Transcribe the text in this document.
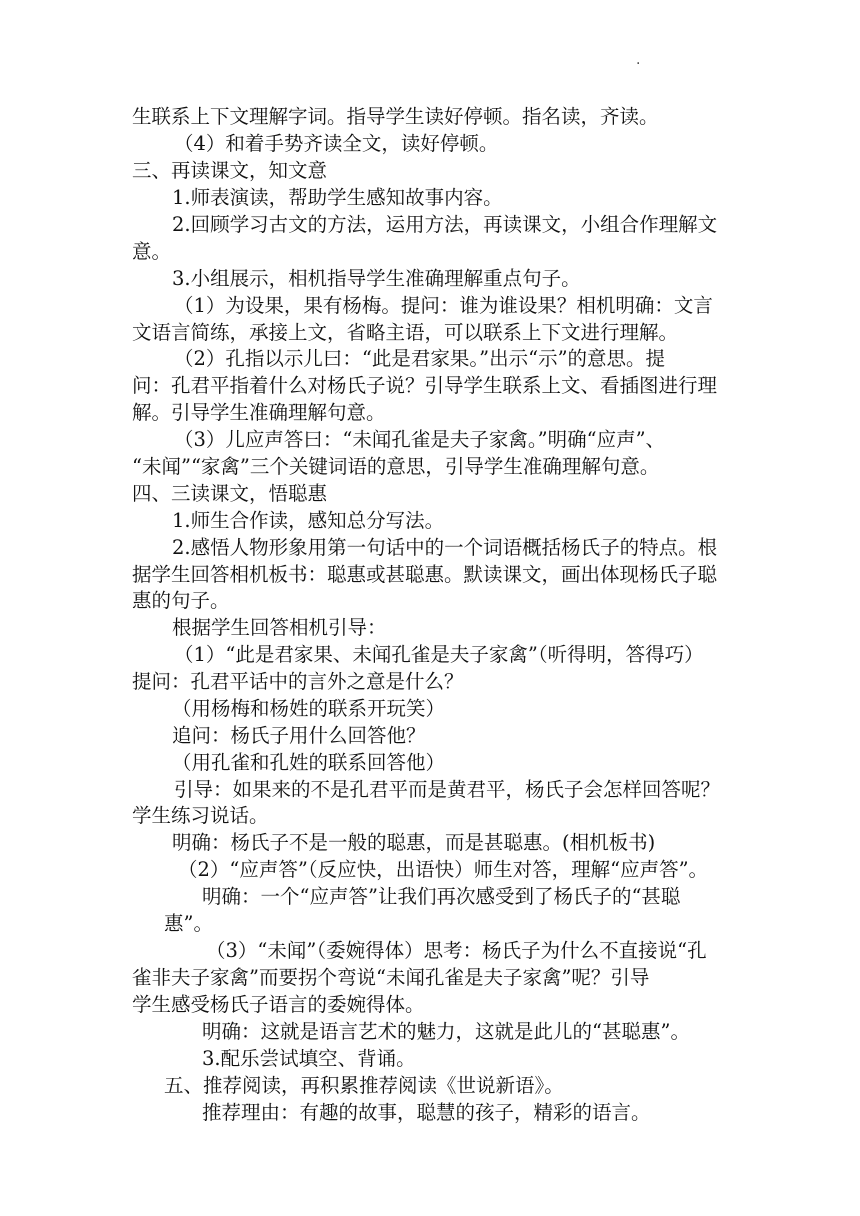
.
生联系上下文理解字词。指导学生读好停顿。指名读，齐读。
（4）和着手势齐读全文，读好停顿。
三、再读课文，知文意
1.师表演读，帮助学生感知故事内容。
2.回顾学习古文的方法，运用方法，再读课文，小组合作理解文
意。
3.小组展示，相机指导学生准确理解重点句子。
（1）为设果，果有杨梅。提问：谁为谁设果？相机明确：文言
文语言简练，承接上文，省略主语，可以联系上下文进行理解。
（2）孔指以示儿曰：“此是君家果。”出示“示”的意思。提
问：孔君平指着什么对杨氏子说？引导学生联系上文、看插图进行理
解。引导学生准确理解句意。
（3）儿应声答曰：“未闻孔雀是夫子家禽。”明确“应声”、
“未闻”“家禽”三个关键词语的意思，引导学生准确理解句意。
四、三读课文，悟聪惠
1.师生合作读，感知总分写法。
2.感悟人物形象用第一句话中的一个词语概括杨氏子的特点。根
据学生回答相机板书：聪惠或甚聪惠。默读课文，画出体现杨氏子聪
惠的句子。
根据学生回答相机引导：
（1）“此是君家果、未闻孔雀是夫子家禽”（听得明，答得巧）
提问：孔君平话中的言外之意是什么？
（用杨梅和杨姓的联系开玩笑）
追问：杨氏子用什么回答他？
（用孔雀和孔姓的联系回答他）
引导：如果来的不是孔君平而是黄君平，杨氏子会怎样回答呢？
学生练习说话。
明确：杨氏子不是一般的聪惠，而是甚聪惠。(相机板书)
（2）“应声答”（反应快，出语快）师生对答，理解“应声答”。
明确：一个“应声答”让我们再次感受到了杨氏子的“甚聪
惠”。
（3）“未闻”（委婉得体）思考：杨氏子为什么不直接说“孔
雀非夫子家禽”而要拐个弯说“未闻孔雀是夫子家禽”呢？引导
学生感受杨氏子语言的委婉得体。
明确：这就是语言艺术的魅力，这就是此儿的“甚聪惠”。
3.配乐尝试填空、背诵。
五、推荐阅读，再积累推荐阅读《世说新语》。
推荐理由：有趣的故事，聪慧的孩子，精彩的语言。
